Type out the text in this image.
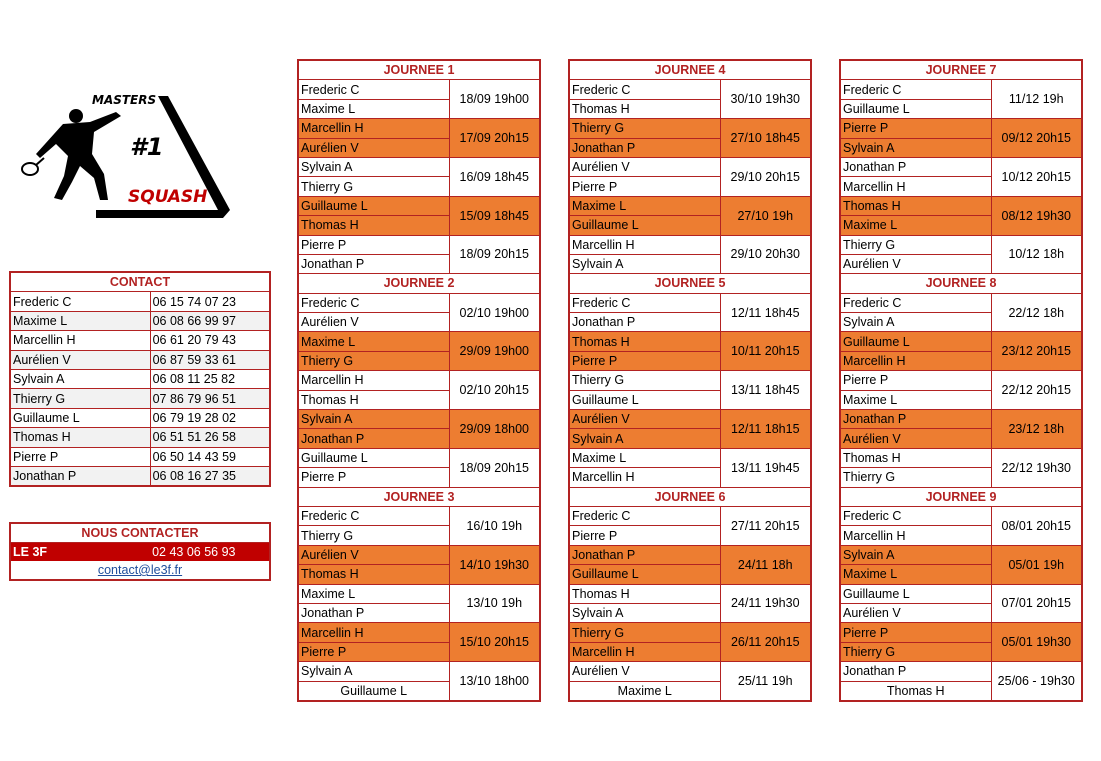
MASTERS
#1
SQUASH
CONTACT	
Frederic C	06 15 74 07 23
Maxime L	06 08 66 99 97
Marcellin H	06 61 20 79 43
Aurélien V	06 87 59 33 61
Sylvain A	06 08 11 25 82
Thierry G	07 86 79 96 51
Guillaume L	06 79 19 28 02
Thomas H	06 51 51 26 58
Pierre P	06 50 14 43 59
Jonathan P	06 08 16 27 35
NOUS CONTACTER
LE 3F	02 43 06 56 93
contact@le3f.fr
JOURNEE 1	
Frederic C	18/09 19h00
Maxime L	
Marcellin H	17/09 20h15
Aurélien V	
Sylvain A	16/09 18h45
Thierry G	
Guillaume L	15/09 18h45
Thomas H	
Pierre P	18/09 20h15
Jonathan P	
JOURNEE 2	
Frederic C	02/10 19h00
Aurélien V	
Maxime L	29/09 19h00
Thierry G	
Marcellin H	02/10 20h15
Thomas H	
Sylvain A	29/09 18h00
Jonathan P	
Guillaume L	18/09 20h15
Pierre P	
JOURNEE 3	
Frederic C	16/10 19h
Thierry G	
Aurélien V	14/10 19h30
Thomas H	
Maxime L	13/10 19h
Jonathan P	
Marcellin H	15/10 20h15
Pierre P	
Sylvain A	13/10 18h00
Guillaume L	
JOURNEE 4	
Frederic C	30/10 19h30
Thomas H	
Thierry G	27/10 18h45
Jonathan P	
Aurélien V	29/10 20h15
Pierre P	
Maxime L	27/10 19h
Guillaume L	
Marcellin H	29/10 20h30
Sylvain A	
JOURNEE 5	
Frederic C	12/11 18h45
Jonathan P	
Thomas H	10/11 20h15
Pierre P	
Thierry G	13/11 18h45
Guillaume L	
Aurélien V	12/11 18h15
Sylvain A	
Maxime L	13/11 19h45
Marcellin H	
JOURNEE 6	
Frederic C	27/11 20h15
Pierre P	
Jonathan P	24/11 18h
Guillaume L	
Thomas H	24/11 19h30
Sylvain A	
Thierry G	26/11 20h15
Marcellin H	
Aurélien V	25/11 19h
Maxime L	
JOURNEE 7	
Frederic C	11/12 19h
Guillaume L	
Pierre P	09/12 20h15
Sylvain A	
Jonathan P	10/12 20h15
Marcellin H	
Thomas H	08/12 19h30
Maxime L	
Thierry G	10/12 18h
Aurélien V	
JOURNEE 8	
Frederic C	22/12 18h
Sylvain A	
Guillaume L	23/12 20h15
Marcellin H	
Pierre P	22/12 20h15
Maxime L	
Jonathan P	23/12 18h
Aurélien V	
Thomas H	22/12 19h30
Thierry G	
JOURNEE 9	
Frederic C	08/01 20h15
Marcellin H	
Sylvain A	05/01 19h
Maxime L	
Guillaume L	07/01 20h15
Aurélien V	
Pierre P	05/01 19h30
Thierry G	
Jonathan P	25/06 - 19h30
Thomas H	
